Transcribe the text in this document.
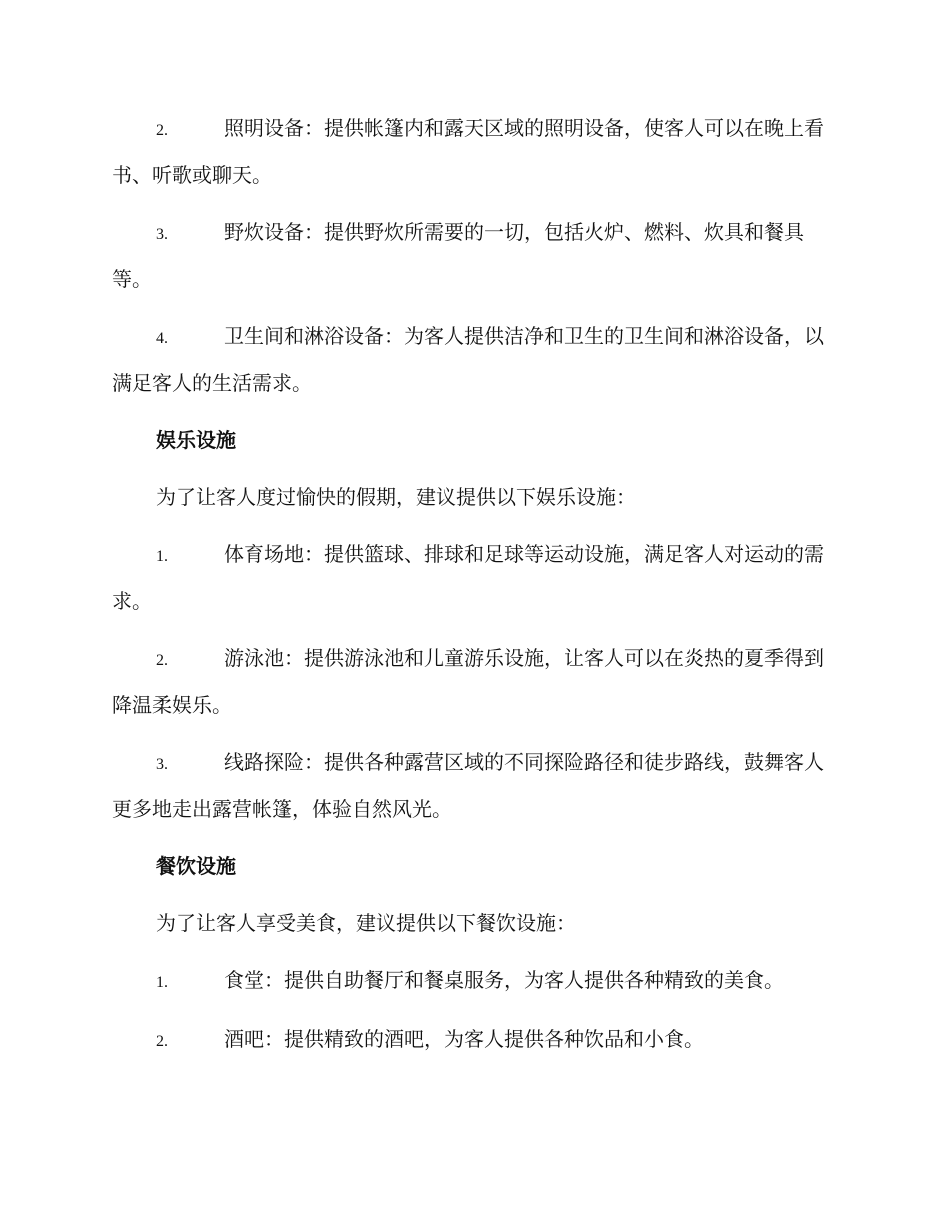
2.	照明设备：提供帐篷内和露天区域的照明设备，使客人可以在晚上看书、听歌或聊天。

3.	野炊设备：提供野炊所需要的一切，包括火炉、燃料、炊具和餐具等。

4.	卫生间和淋浴设备：为客人提供洁净和卫生的卫生间和淋浴设备，以满足客人的生活需求。

娱乐设施

为了让客人度过愉快的假期，建议提供以下娱乐设施：

1.	体育场地：提供篮球、排球和足球等运动设施，满足客人对运动的需求。

2.	游泳池：提供游泳池和儿童游乐设施，让客人可以在炎热的夏季得到降温柔娱乐。

3.	线路探险：提供各种露营区域的不同探险路径和徒步路线，鼓舞客人更多地走出露营帐篷，体验自然风光。

餐饮设施

为了让客人享受美食，建议提供以下餐饮设施：

1.	食堂：提供自助餐厅和餐桌服务，为客人提供各种精致的美食。

2.	酒吧：提供精致的酒吧，为客人提供各种饮品和小食。
